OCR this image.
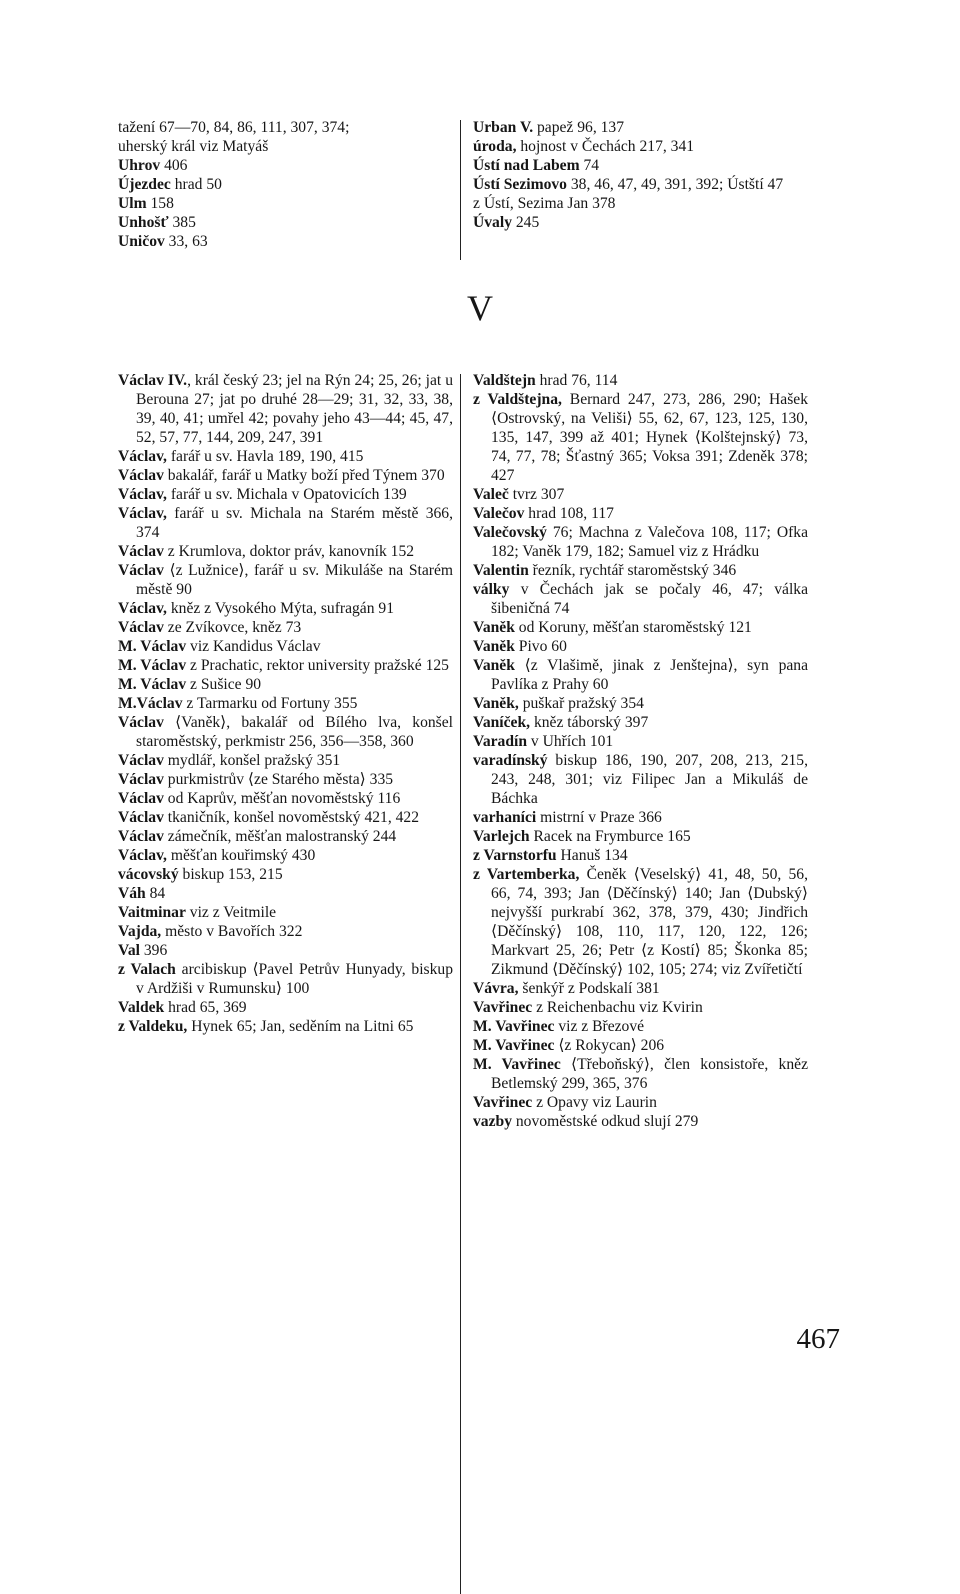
tažení 67—70, 84, 86, 111, 307, 374;

uherský král viz Matyáš

Uhrov 406

Újezdec hrad 50

Ulm 158

Unhošť 385

Uničov 33, 63

Urban V. papež 96, 137

úroda, hojnost v Čechách 217, 341

Ústí nad Labem 74

Ústí Sezimovo 38, 46, 47, 49, 391, 392; Ústští 47

z Ústí, Sezima Jan 378

Úvaly 245

V

Václav IV., král český 23; jel na Rýn 24; 25, 26; jat u Berouna 27; jat po druhé 28—29; 31, 32, 33, 38, 39, 40, 41; umřel 42; povahy jeho 43—44; 45, 47, 52, 57, 77, 144, 209, 247, 391

Václav, farář u sv. Havla 189, 190, 415

Václav bakalář, farář u Matky boží před Týnem 370

Václav, farář u sv. Michala v Opatovicích 139

Václav, farář u sv. Michala na Starém městě 366, 374

Václav z Krumlova, doktor práv, kanovník 152

Václav ⟨z Lužnice⟩, farář u sv. Mikuláše na Starém městě 90

Václav, kněz z Vysokého Mýta, sufragán 91

Václav ze Zvíkovce, kněz 73

M. Václav viz Kandidus Václav

M. Václav z Prachatic, rektor university pražské 125

M. Václav z Sušice 90

M.Václav z Tarmarku od Fortuny 355

Václav ⟨Vaněk⟩, bakalář od Bílého lva, konšel staroměstský, perkmistr 256, 356—358, 360

Václav mydlář, konšel pražský 351

Václav purkmistrův ⟨ze Starého města⟩ 335

Václav od Kaprův, měšťan novoměstský 116

Václav tkaničník, konšel novoměstský 421, 422

Václav zámečník, měšťan malostranský 244

Václav, měšťan kouřimský 430

vácovský biskup 153, 215

Váh 84

Vaitminar viz z Veitmile

Vajda, město v Bavořích 322

Val 396

z Valach arcibiskup ⟨Pavel Petrův Hunyady, biskup v Ardžiši v Rumunsku⟩ 100

Valdek hrad 65, 369

z Valdeku, Hynek 65; Jan, seděním na Litni 65

Valdštejn hrad 76, 114

z Valdštejna, Bernard 247, 273, 286, 290; Hašek ⟨Ostrovský, na Veliši⟩ 55, 62, 67, 123, 125, 130, 135, 147, 399 až 401; Hynek ⟨Kolštejnský⟩ 73, 74, 77, 78; Šťastný 365; Voksa 391; Zdeněk 378; 427

Valeč tvrz 307

Valečov hrad 108, 117

Valečovský 76; Machna z Valečova 108, 117; Ofka 182; Vaněk 179, 182; Samuel viz z Hrádku

Valentin řezník, rychtář staroměstský 346

války v Čechách jak se počaly 46, 47; válka šibeničná 74

Vaněk od Koruny, měšťan staroměstský 121

Vaněk Pivo 60

Vaněk ⟨z Vlašimě, jinak z Jenštejna⟩, syn pana Pavlíka z Prahy 60

Vaněk, puškař pražský 354

Vaníček, kněz táborský 397

Varadín v Uhřích 101

varadínský biskup 186, 190, 207, 208, 213, 215, 243, 248, 301; viz Filipec Jan a Mikuláš de Báchka

varhaníci mistrní v Praze 366

Varlejch Racek na Frymburce 165

z Varnstorfu Hanuš 134

z Vartemberka, Čeněk ⟨Veselský⟩ 41, 48, 50, 56, 66, 74, 393; Jan ⟨Děčínský⟩ 140; Jan ⟨Dubský⟩ nejvyšší purkrabí 362, 378, 379, 430; Jindřich ⟨Děčínský⟩ 108, 110, 117, 120, 122, 126; Markvart 25, 26; Petr ⟨z Kostí⟩ 85; Škonka 85; Zikmund ⟨Děčínský⟩ 102, 105; 274; viz Zvířetičtí

Vávra, šenkýř z Podskalí 381

Vavřinec z Reichenbachu viz Kvirin

M. Vavřinec viz z Březové

M. Vavřinec ⟨z Rokycan⟩ 206

M. Vavřinec ⟨Třeboňský⟩, člen konsistoře, kněz Betlemský 299, 365, 376

Vavřinec z Opavy viz Laurin

vazby novoměstské odkud slují 279

467
